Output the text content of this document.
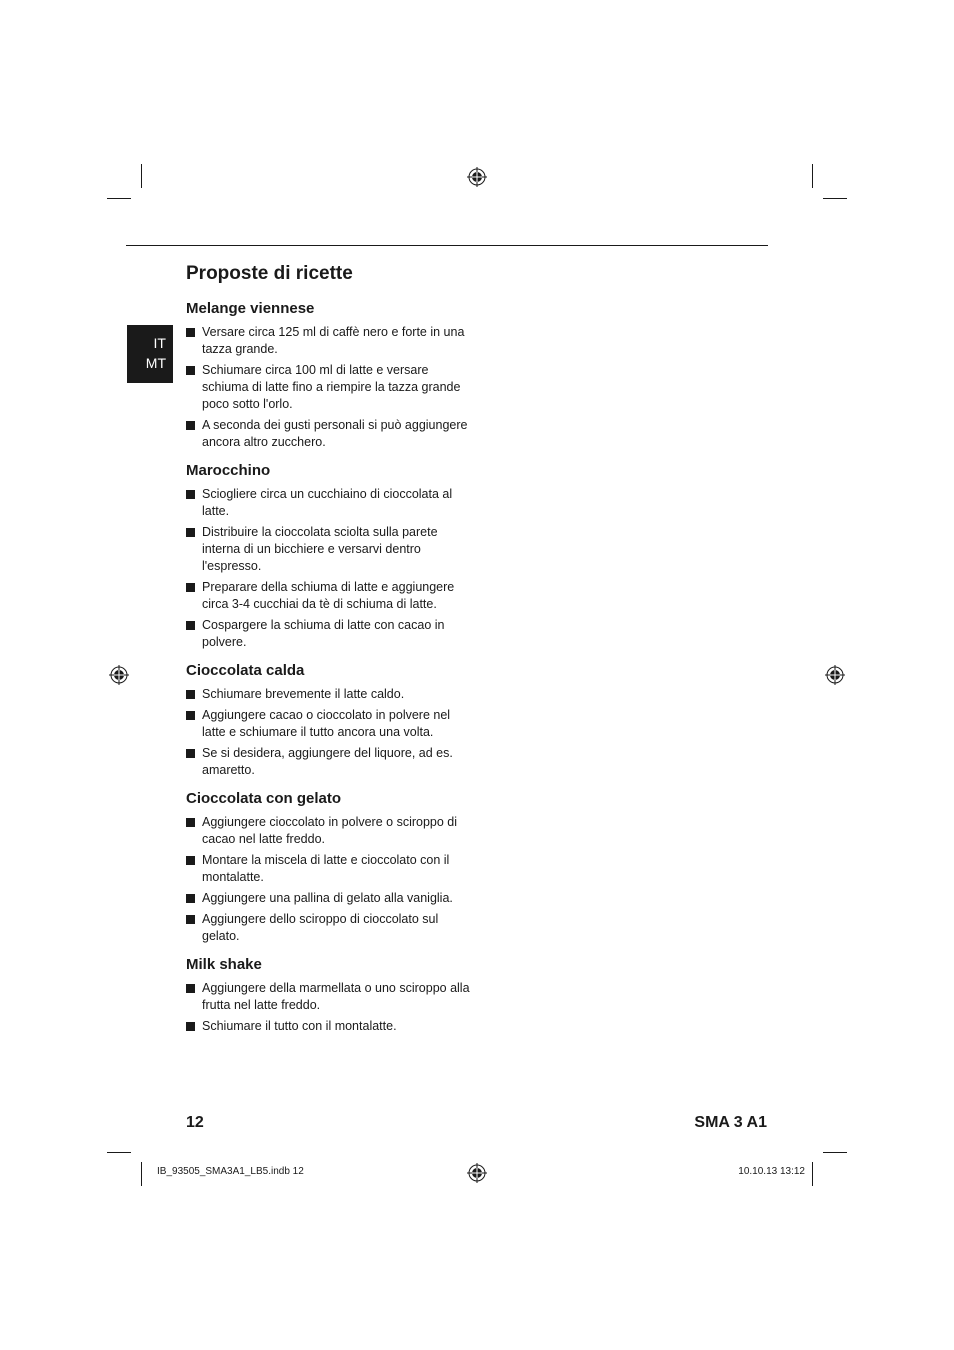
IT
MT
Proposte di ricette
Melange viennese
Versare circa 125 ml di caffè nero e forte in una tazza grande.
Schiumare circa 100 ml di latte e versare schiuma di latte fino a riempire la tazza grande poco sotto l'orlo.
A seconda dei gusti personali si può aggiungere ancora altro zucchero.
Marocchino
Sciogliere circa un cucchiaino di cioccolata al latte.
Distribuire la cioccolata sciolta sulla parete interna di un bicchiere e versarvi dentro l'espresso.
Preparare della schiuma di latte e aggiungere circa 3-4 cucchiai da tè di schiuma di latte.
Cospargere la schiuma di latte con cacao in polvere.
Cioccolata calda
Schiumare brevemente il latte caldo.
Aggiungere cacao o cioccolato in polvere nel latte e schiumare il tutto ancora una volta.
Se si desidera, aggiungere del liquore, ad es. amaretto.
Cioccolata con gelato
Aggiungere cioccolato in polvere o sciroppo di cacao nel latte freddo.
Montare la miscela di latte e cioccolato con il montalatte.
Aggiungere una pallina di gelato alla vaniglia.
Aggiungere dello sciroppo di cioccolato sul gelato.
Milk shake
Aggiungere della marmellata o uno sciroppo alla frutta nel latte freddo.
Schiumare il tutto con il montalatte.
12	SMA 3 A1
IB_93505_SMA3A1_LB5.indb 12	10.10.13 13:12
